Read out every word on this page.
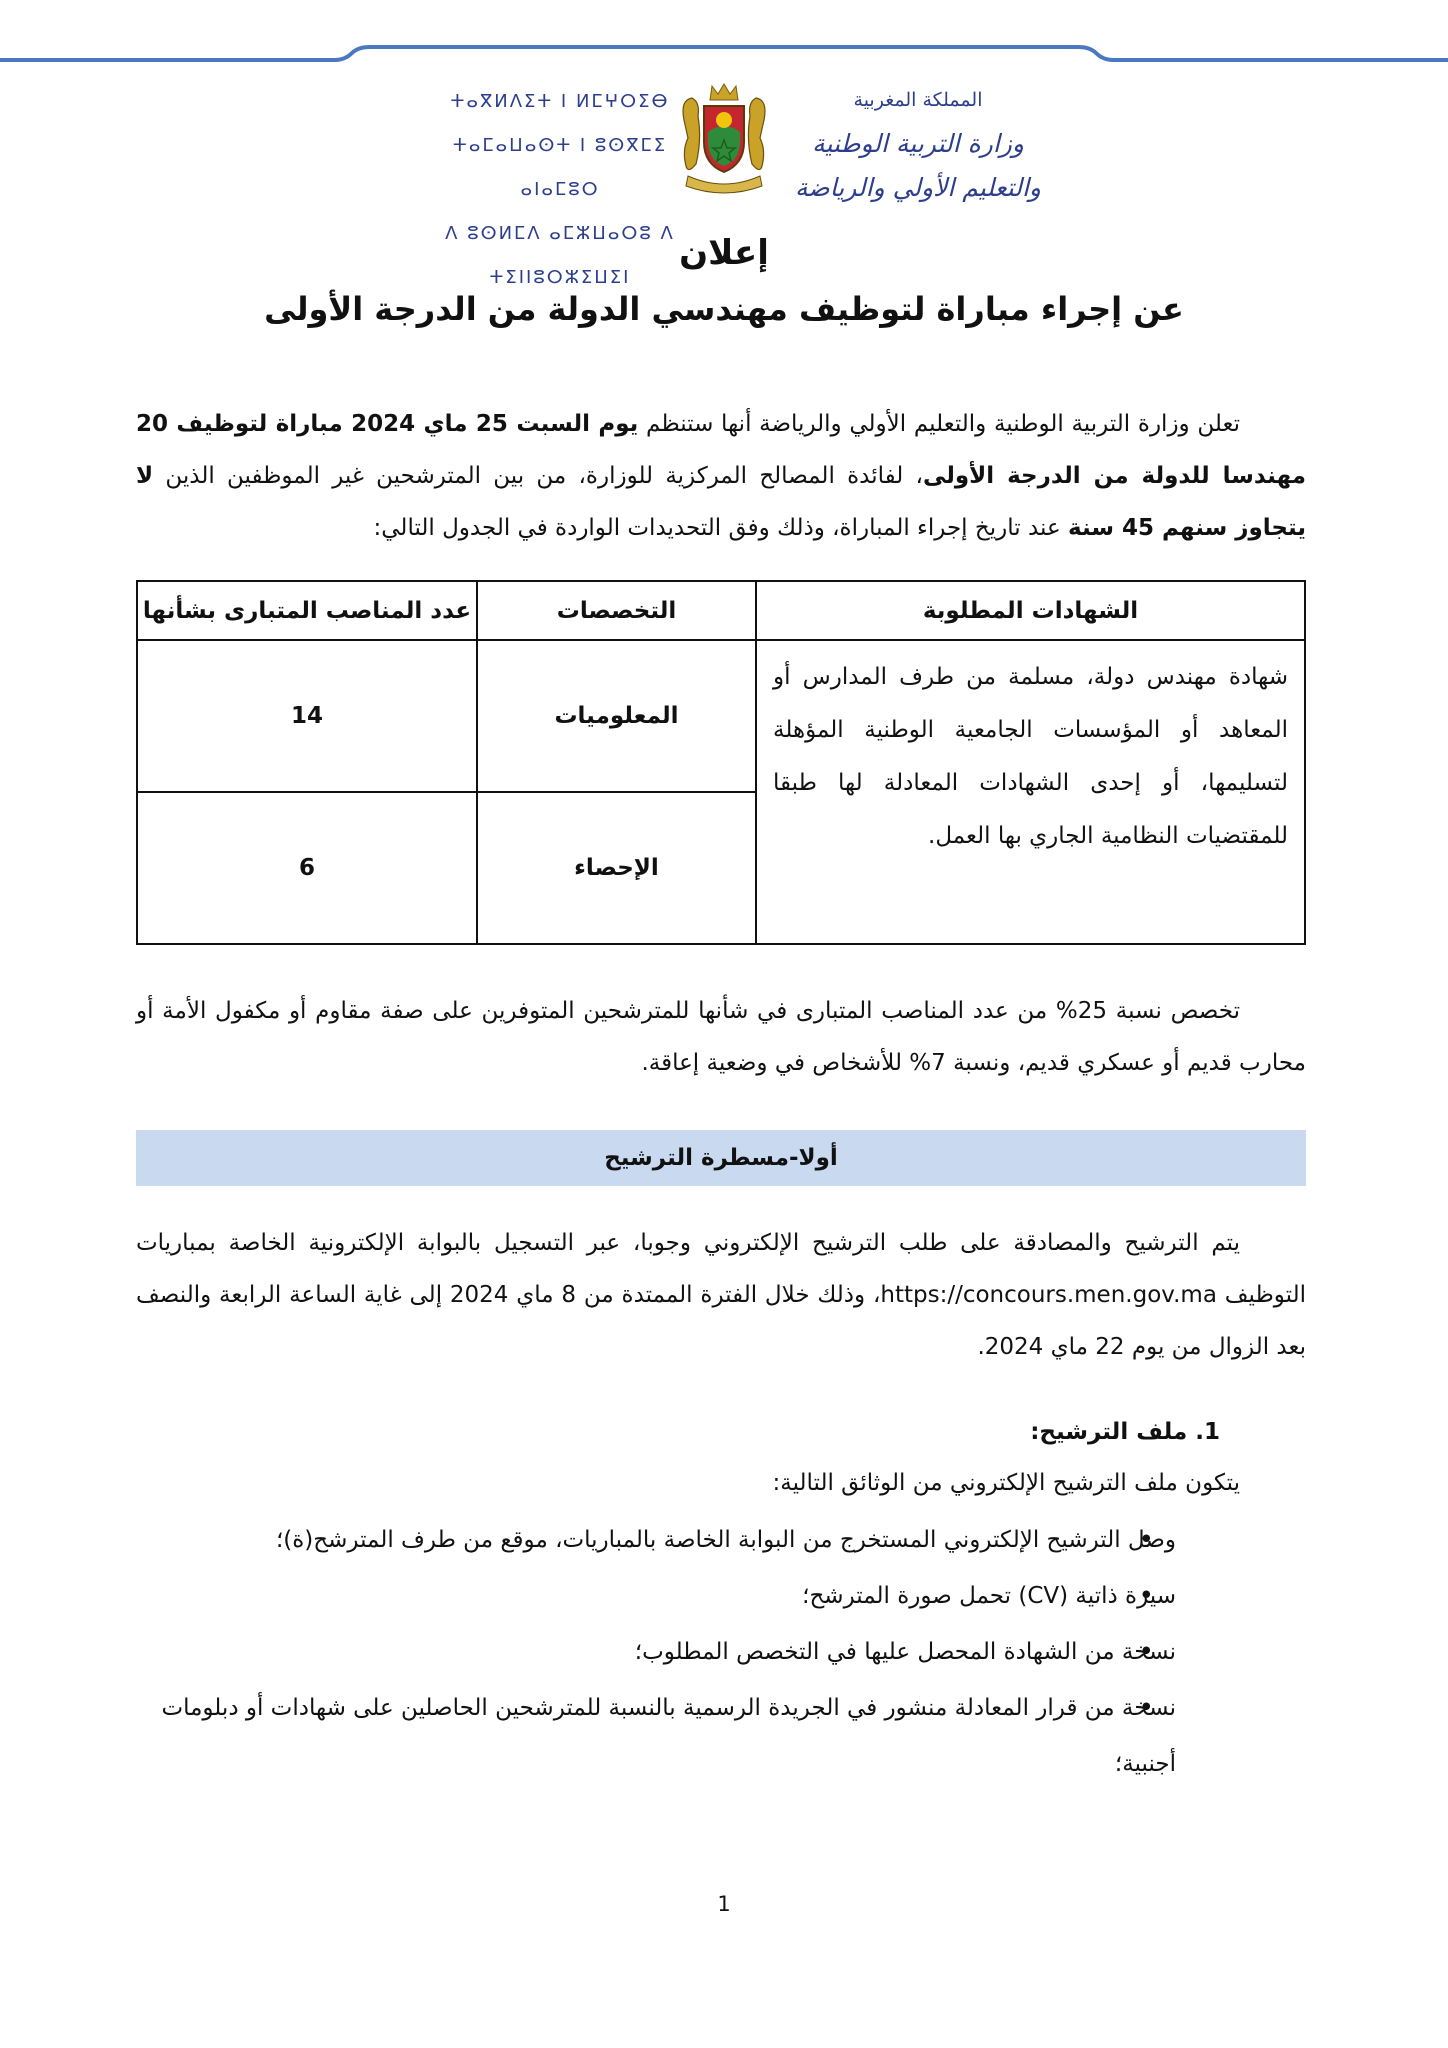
المملكة المغربية
وزارة التربية الوطنية
والتعليم الأولي والرياضة
ⵜⴰⴳⵍⴷⵉⵜ ⵏ ⵍⵎⵖⵔⵉⴱ
ⵜⴰⵎⴰⵡⴰⵙⵜ ⵏ ⵓⵙⴳⵎⵉ ⴰⵏⴰⵎⵓⵔ
ⴷ ⵓⵙⵍⵎⴷ ⴰⵎⵣⵡⴰⵔⵓ ⴷ ⵜⵉⵏⵏⵓⵔⵣⵉⵡⵉⵏ
إعلان
عن إجراء مباراة لتوظيف مهندسي الدولة من الدرجة الأولى
تعلن وزارة التربية الوطنية والتعليم الأولي والرياضة أنها ستنظم يوم السبت 25 ماي 2024 مباراة لتوظيف 20 مهندسا للدولة من الدرجة الأولى، لفائدة المصالح المركزية للوزارة، من بين المترشحين غير الموظفين الذين لا يتجاوز سنهم 45 سنة عند تاريخ إجراء المباراة، وذلك وفق التحديدات الواردة في الجدول التالي:
الشهادات المطلوبة	التخصصات	عدد المناصب المتبارى بشأنها
شهادة مهندس دولة، مسلمة من طرف المدارس أو المعاهد أو المؤسسات الجامعية الوطنية المؤهلة لتسليمها، أو إحدى الشهادات المعادلة لها طبقا للمقتضيات النظامية الجاري بها العمل.	المعلوميات	14
	الإحصاء	6
تخصص نسبة 25% من عدد المناصب المتبارى في شأنها للمترشحين المتوفرين على صفة مقاوم أو مكفول الأمة أو محارب قديم أو عسكري قديم، ونسبة 7% للأشخاص في وضعية إعاقة.
أولا-مسطرة الترشيح
يتم الترشيح والمصادقة على طلب الترشيح الإلكتروني وجوبا، عبر التسجيل بالبوابة الإلكترونية الخاصة بمباريات التوظيف https://concours.men.gov.ma، وذلك خلال الفترة الممتدة من 8 ماي 2024 إلى غاية الساعة الرابعة والنصف بعد الزوال من يوم 22 ماي 2024.
1. ملف الترشيح:
يتكون ملف الترشيح الإلكتروني من الوثائق التالية:
• وصل الترشيح الإلكتروني المستخرج من البوابة الخاصة بالمباريات، موقع من طرف المترشح(ة)؛
• سيرة ذاتية (CV) تحمل صورة المترشح؛
• نسخة من الشهادة المحصل عليها في التخصص المطلوب؛
• نسخة من قرار المعادلة منشور في الجريدة الرسمية بالنسبة للمترشحين الحاصلين على شهادات أو دبلومات أجنبية؛
1
